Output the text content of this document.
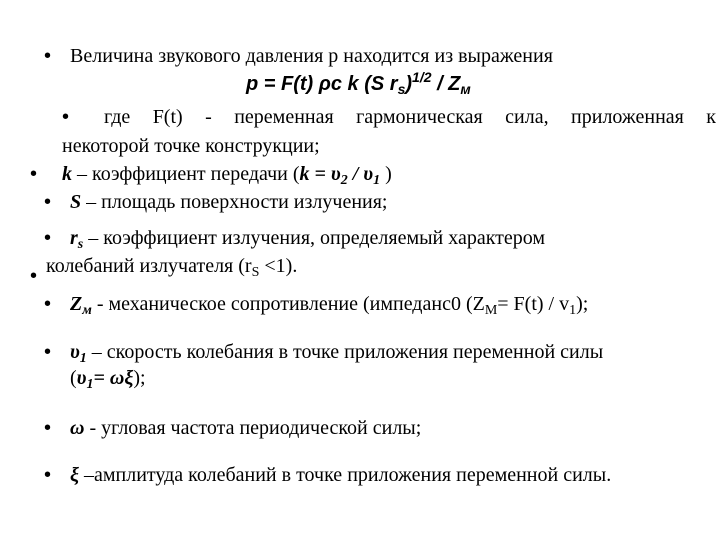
• Величина звукового давления р находится из выражения
p = F(t) ρc k (S $r_s)^{1/2} / Z_м$
• где F(t) - переменная гармоническая сила, приложенная к
некоторой точке конструкции;
• k – коэффициент передачи ($k = \upsilon_2 / \upsilon_1$ )
• S – площадь поверхности излучения;
• $r_s$ – коэффициент излучения, определяемый характером
• колебаний излучателя $(r_S <1)$.
• $Z_м$ - механическое сопротивление (импеданс0 $(Z_М= F(t) / v_1)$;
• $\upsilon_1$ – скорость колебания в точке приложения переменной силы
$(\upsilon_1= \omega\xi)$;
• ω - угловая частота периодической силы;
• ξ –амплитуда колебаний в точке приложения переменной силы.
